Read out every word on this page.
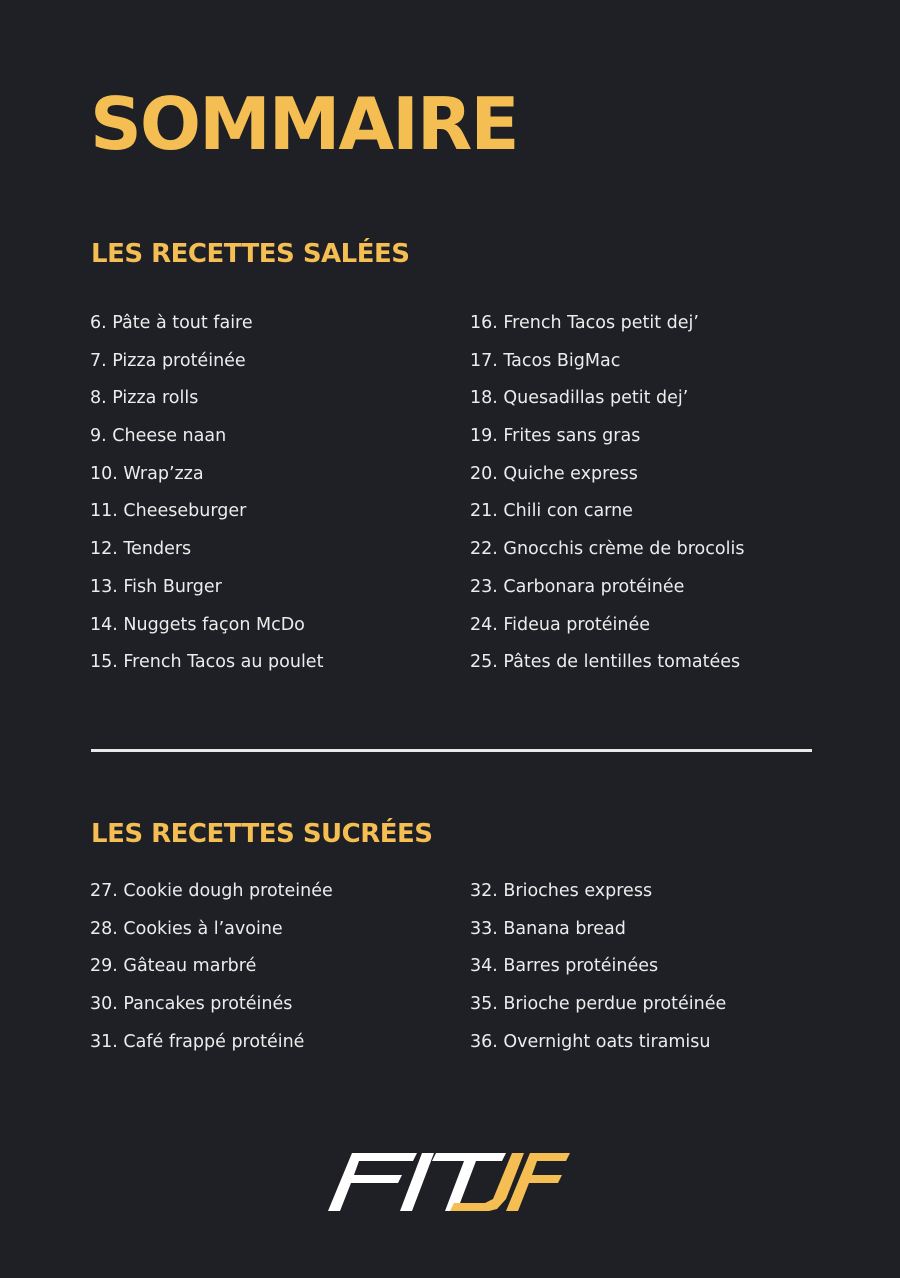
SOMMAIRE
LES RECETTES SALÉES
6. Pâte à tout faire
7. Pizza protéinée
8. Pizza rolls
9. Cheese naan
10. Wrap’zza
11. Cheeseburger
12. Tenders
13. Fish Burger
14. Nuggets façon McDo
15. French Tacos au poulet
16. French Tacos petit dej’
17. Tacos BigMac
18. Quesadillas petit dej’
19. Frites sans gras
20. Quiche express
21. Chili con carne
22. Gnocchis crème de brocolis
23. Carbonara protéinée
24. Fideua protéinée
25. Pâtes de lentilles tomatées
LES RECETTES SUCRÉES
27. Cookie dough proteinée
28. Cookies à l’avoine
29. Gâteau marbré
30. Pancakes protéinés
31. Café frappé protéiné
32. Brioches express
33. Banana bread
34. Barres protéinées
35. Brioche perdue protéinée
36. Overnight oats tiramisu
